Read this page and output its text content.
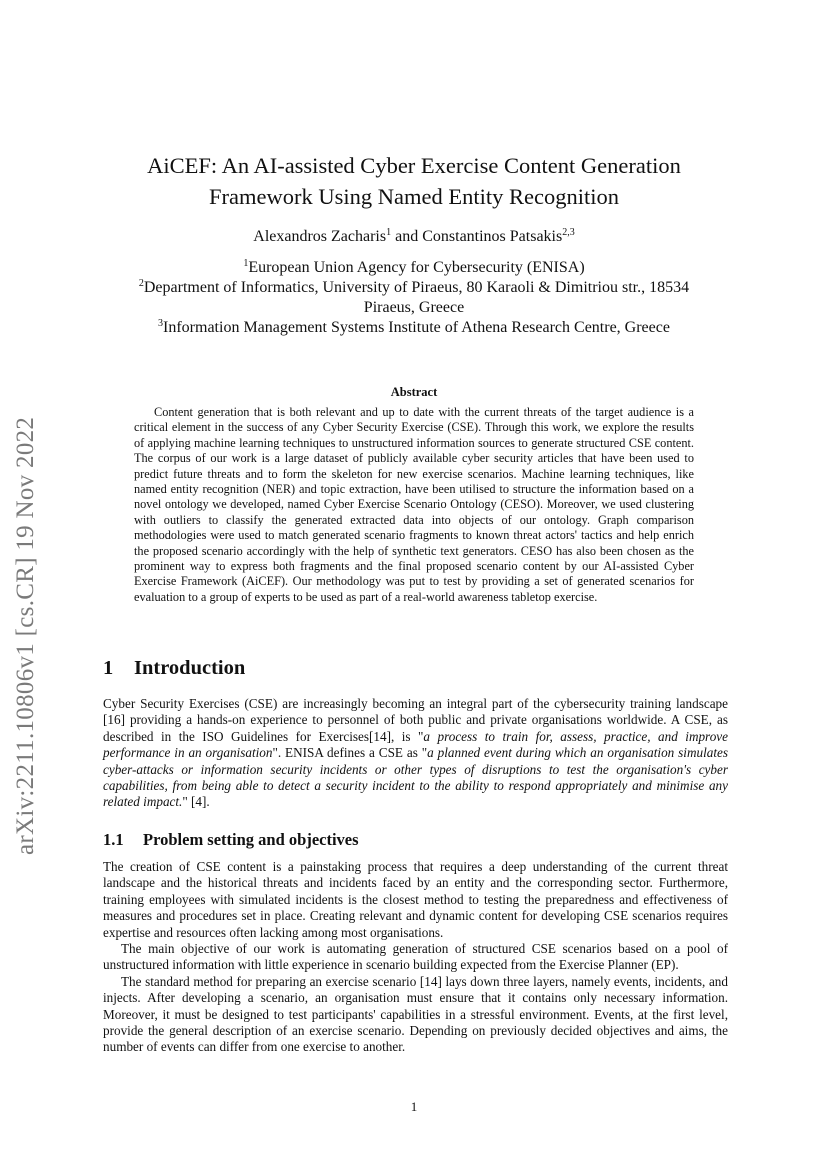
arXiv:2211.10806v1 [cs.CR] 19 Nov 2022
AiCEF: An AI-assisted Cyber Exercise Content Generation
Framework Using Named Entity Recognition
Alexandros Zacharis$^1$ and Constantinos Patsakis$^{2,3}$
$^1$European Union Agency for Cybersecurity (ENISA)
$^2$Department of Informatics, University of Piraeus, 80 Karaoli & Dimitriou str., 18534
Piraeus, Greece
$^3$Information Management Systems Institute of Athena Research Centre, Greece
Abstract
Content generation that is both relevant and up to date with the current threats of the target audience is a critical element in the success of any Cyber Security Exercise (CSE). Through this work, we explore the results of applying machine learning techniques to unstructured information sources to generate structured CSE content. The corpus of our work is a large dataset of publicly available cyber security articles that have been used to predict future threats and to form the skeleton for new exercise scenarios. Machine learning techniques, like named entity recognition (NER) and topic extraction, have been utilised to structure the information based on a novel ontology we developed, named Cyber Exercise Scenario Ontology (CESO). Moreover, we used clustering with outliers to classify the generated extracted data into objects of our ontology. Graph comparison methodologies were used to match generated scenario fragments to known threat actors' tactics and help enrich the proposed scenario accordingly with the help of synthetic text generators. CESO has also been chosen as the prominent way to express both fragments and the final proposed scenario content by our AI-assisted Cyber Exercise Framework (AiCEF). Our methodology was put to test by providing a set of generated scenarios for evaluation to a group of experts to be used as part of a real-world awareness tabletop exercise.
1 Introduction

Cyber Security Exercises (CSE) are increasingly becoming an integral part of the cybersecurity training landscape [16] providing a hands-on experience to personnel of both public and private organisations worldwide. A CSE, as described in the ISO Guidelines for Exercises[14], is "a process to train for, assess, practice, and improve performance in an organisation". ENISA defines a CSE as "a planned event during which an organisation simulates cyber-attacks or information security incidents or other types of disruptions to test the organisation's cyber capabilities, from being able to detect a security incident to the ability to respond appropriately and minimise any related impact." [4].

1.1 Problem setting and objectives

The creation of CSE content is a painstaking process that requires a deep understanding of the current threat landscape and the historical threats and incidents faced by an entity and the corresponding sector. Furthermore, training employees with simulated incidents is the closest method to testing the preparedness and effectiveness of measures and procedures set in place. Creating relevant and dynamic content for developing CSE scenarios requires expertise and resources often lacking among most organisations.

The main objective of our work is automating generation of structured CSE scenarios based on a pool of unstructured information with little experience in scenario building expected from the Exercise Planner (EP).

The standard method for preparing an exercise scenario [14] lays down three layers, namely events, incidents, and injects. After developing a scenario, an organisation must ensure that it contains only necessary information. Moreover, it must be designed to test participants' capabilities in a stressful environment. Events, at the first level, provide the general description of an exercise scenario. Depending on previously decided objectives and aims, the number of events can differ from one exercise to another.

1
